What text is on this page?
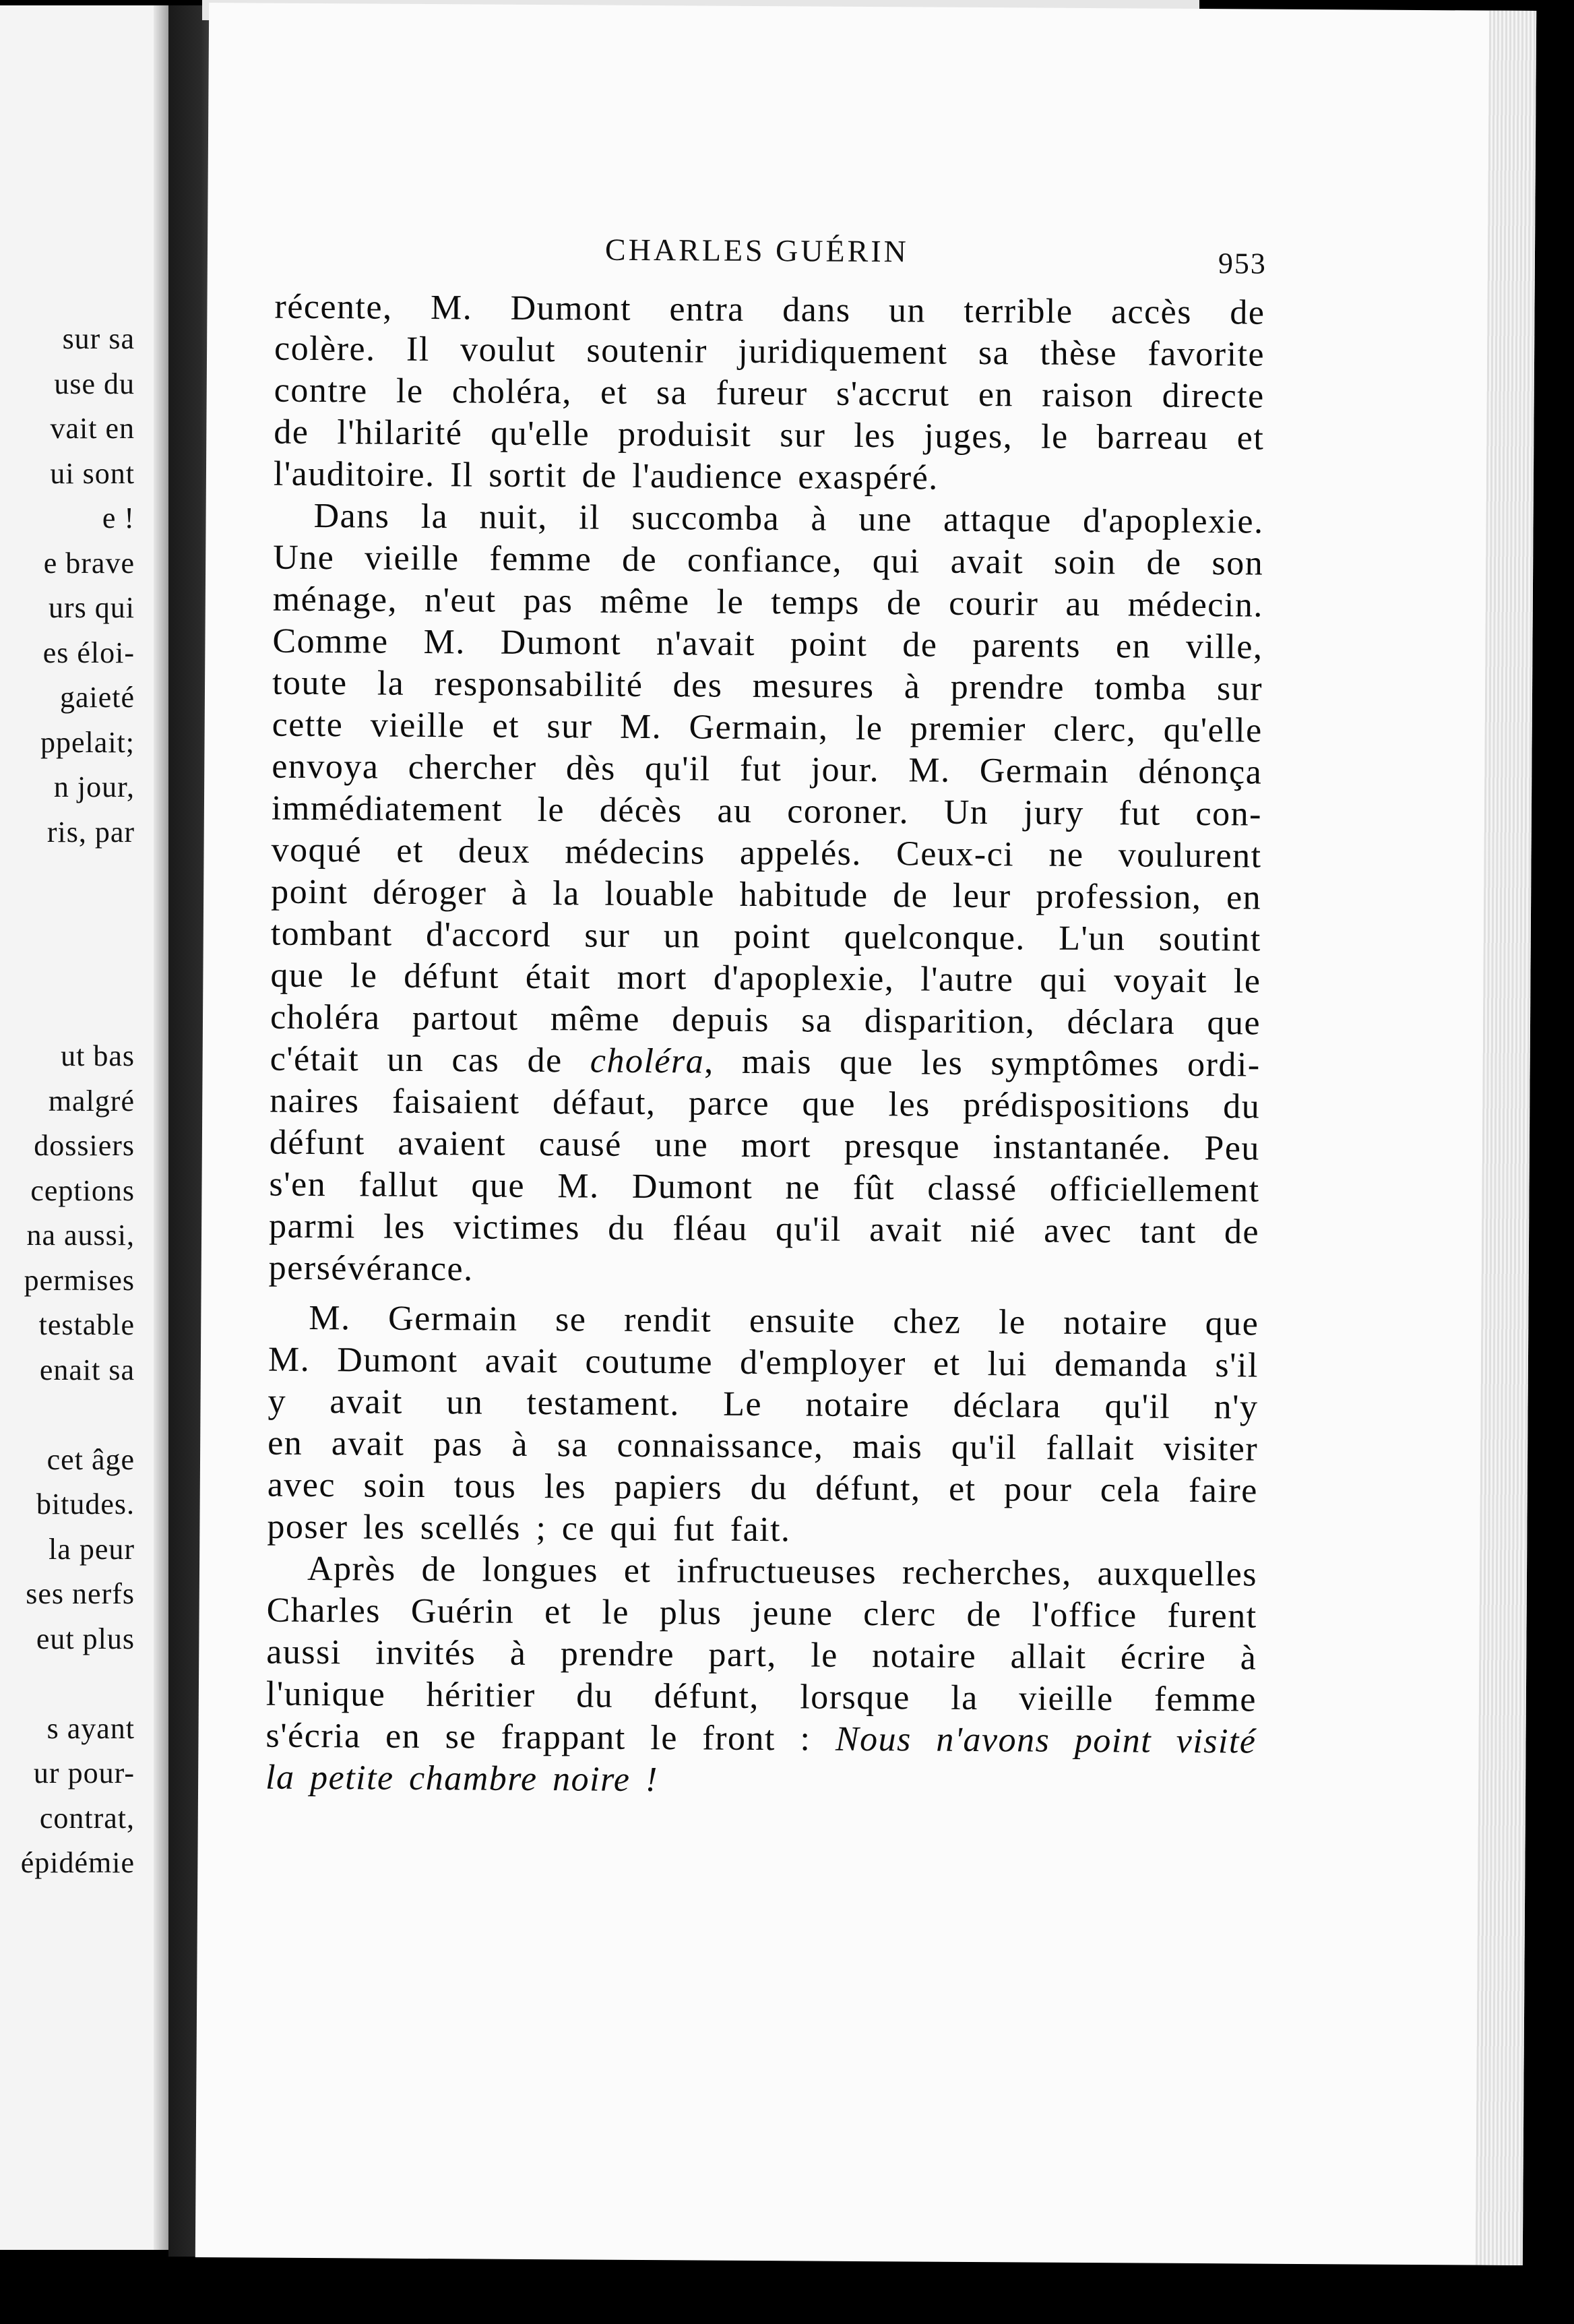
sur sa
use du
vait en
ui sont
e !
e brave
urs qui
es éloi-
gaieté
ppelait;
n jour,
ris, par
ut bas
malgré
dossiers
ceptions
na aussi,
permises
testable
enait sa
cet âge
bitudes.
la peur
ses nerfs
eut plus
s ayant
ur pour-
contrat,
épidémie
CHARLES GUÉRIN	953
récente, M. Dumont entra dans un terrible accès de
colère. Il voulut soutenir juridiquement sa thèse favorite
contre le choléra, et sa fureur s'accrut en raison directe
de l'hilarité qu'elle produisit sur les juges, le barreau et
l'auditoire. Il sortit de l'audience exaspéré.
Dans la nuit, il succomba à une attaque d'apoplexie.
Une vieille femme de confiance, qui avait soin de son
ménage, n'eut pas même le temps de courir au médecin.
Comme M. Dumont n'avait point de parents en ville,
toute la responsabilité des mesures à prendre tomba sur
cette vieille et sur M. Germain, le premier clerc, qu'elle
envoya chercher dès qu'il fut jour. M. Germain dénonça
immédiatement le décès au coroner. Un jury fut con-
voqué et deux médecins appelés. Ceux-ci ne voulurent
point déroger à la louable habitude de leur profession, en
tombant d'accord sur un point quelconque. L'un soutint
que le défunt était mort d'apoplexie, l'autre qui voyait le
choléra partout même depuis sa disparition, déclara que
c'était un cas de choléra, mais que les symptômes ordi-
naires faisaient défaut, parce que les prédispositions du
défunt avaient causé une mort presque instantanée. Peu
s'en fallut que M. Dumont ne fût classé officiellement
parmi les victimes du fléau qu'il avait nié avec tant de
persévérance.
M. Germain se rendit ensuite chez le notaire que
M. Dumont avait coutume d'employer et lui demanda s'il
y avait un testament. Le notaire déclara qu'il n'y
en avait pas à sa connaissance, mais qu'il fallait visiter
avec soin tous les papiers du défunt, et pour cela faire
poser les scellés ; ce qui fut fait.
Après de longues et infructueuses recherches, auxquelles
Charles Guérin et le plus jeune clerc de l'office furent
aussi invités à prendre part, le notaire allait écrire à
l'unique héritier du défunt, lorsque la vieille femme
s'écria en se frappant le front : Nous n'avons point visité
la petite chambre noire !
